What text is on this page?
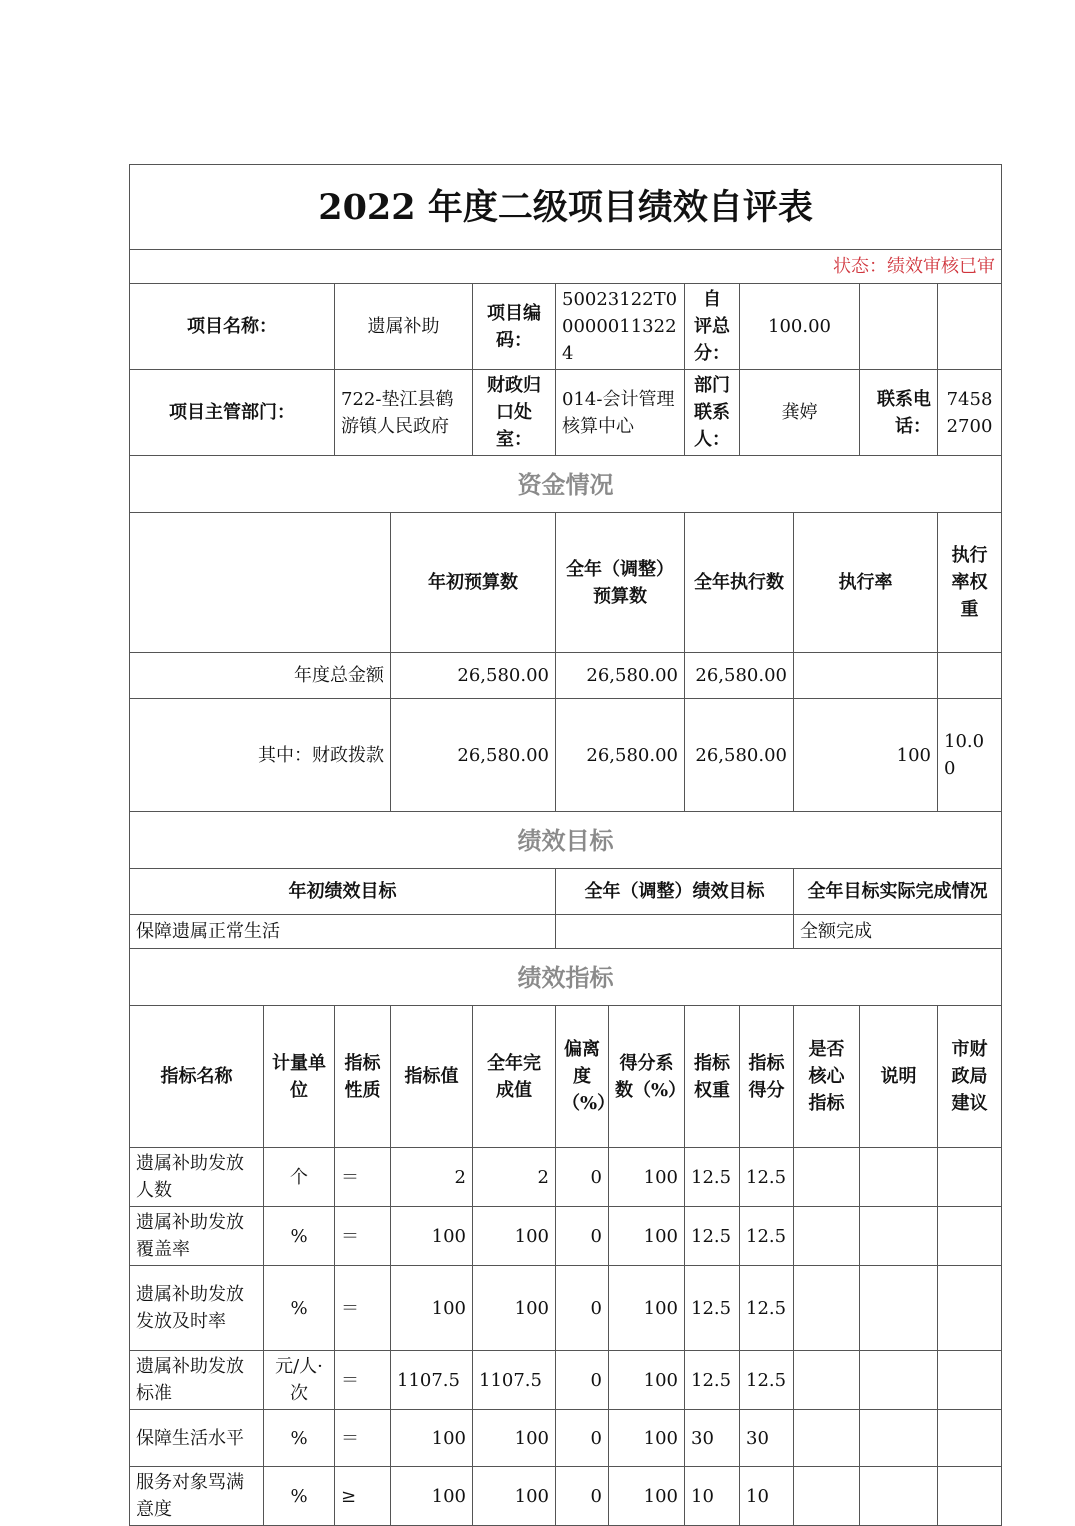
2022 年度二级项目绩效自评表												
状态：绩效审核已审												
项目名称：		遗属补助		项目编码：	50023122T000000113224		自 评总分：	100.00				
项目主管部门：		722-垫江县鹤游镇人民政府		财政归口处室：	014-会计管理核算中心		部门联系人：	龚婷		联系电话：	74582700	
资金情况												
			年初预算数		全年（调整）预算数		全年执行数		执行率		执行率权重	
年度总金额			26,580.00		26,580.00		26,580.00					
其中：财政拨款			26,580.00		26,580.00		26,580.00		100		10.00	
绩效目标												
年初绩效目标					全年（调整）绩效目标				全年目标实际完成情况			
保障遗属正常生活									全额完成			
绩效指标												
指标名称	计量单位	指标性质	指标值	全年完成值	偏离度（%）	得分系数（%）	指标权重	指标得分	是否核心指标	说明	市财政局建议	
遗属补助发放人数	个	＝	2	2	0	100	12.5	12.5				
遗属补助发放覆盖率	%	＝	100	100	0	100	12.5	12.5				
遗属补助发放发放及时率	%	＝	100	100	0	100	12.5	12.5				
遗属补助发放标准	元/人·次	＝	1107.5	1107.5	0	100	12.5	12.5				
保障生活水平	%	＝	100	100	0	100	30	30				
服务对象骂满意度	%	≥	100	100	0	100	10	10				
